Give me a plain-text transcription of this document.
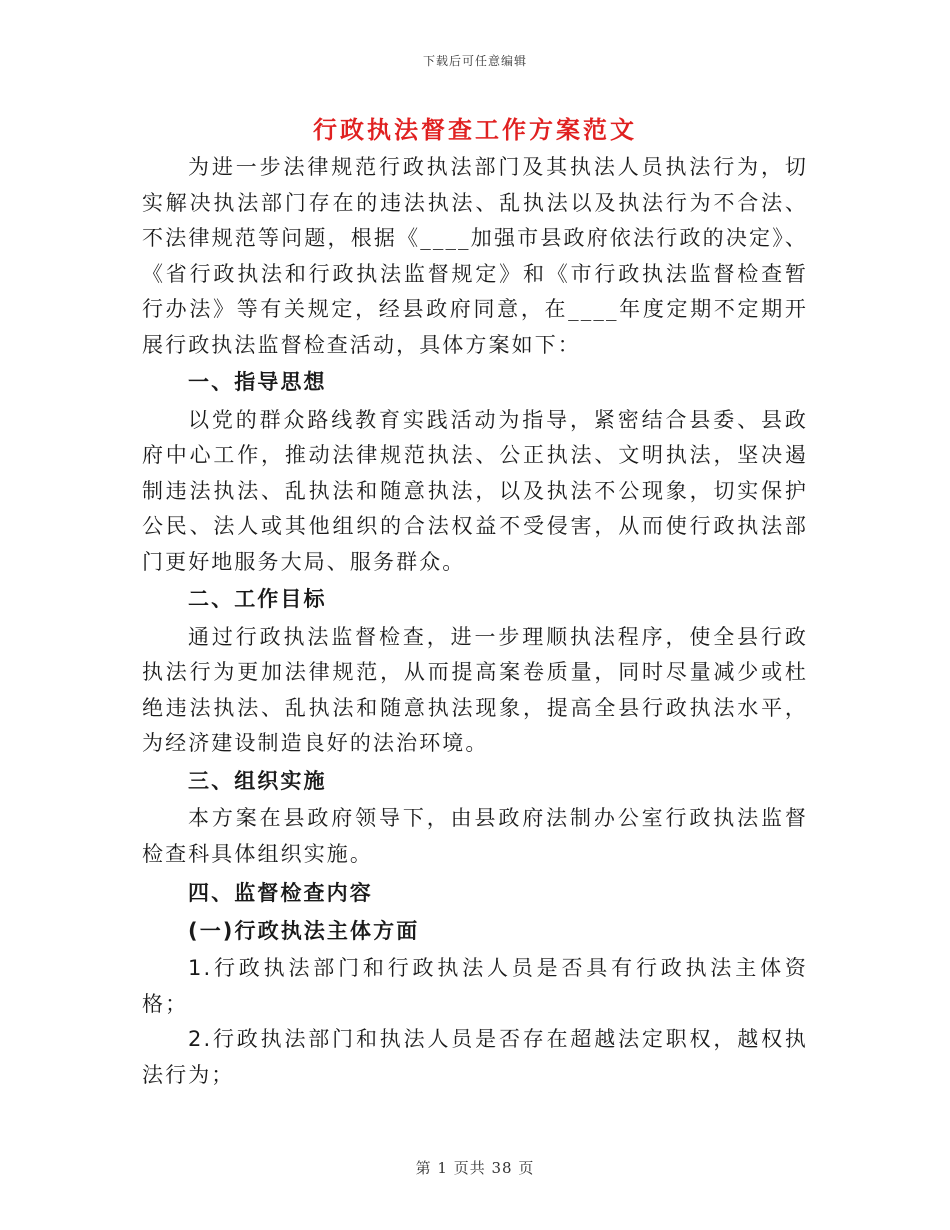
下载后可任意编辑
行政执法督查工作方案范文

为进一步法律规范行政执法部门及其执法人员执法行为，切实解决执法部门存在的违法执法、乱执法以及执法行为不合法、不法律规范等问题，根据《____加强市县政府依法行政的决定》、《省行政执法和行政执法监督规定》和《市行政执法监督检查暂行办法》等有关规定，经县政府同意，在____年度定期不定期开展行政执法监督检查活动，具体方案如下：

一、指导思想

以党的群众路线教育实践活动为指导，紧密结合县委、县政府中心工作，推动法律规范执法、公正执法、文明执法，坚决遏制违法执法、乱执法和随意执法，以及执法不公现象，切实保护公民、法人或其他组织的合法权益不受侵害，从而使行政执法部门更好地服务大局、服务群众。

二、工作目标

通过行政执法监督检查，进一步理顺执法程序，使全县行政执法行为更加法律规范，从而提高案卷质量，同时尽量减少或杜绝违法执法、乱执法和随意执法现象，提高全县行政执法水平，为经济建设制造良好的法治环境。

三、组织实施

本方案在县政府领导下，由县政府法制办公室行政执法监督检查科具体组织实施。

四、监督检查内容

(一)行政执法主体方面

1.行政执法部门和行政执法人员是否具有行政执法主体资格；

2.行政执法部门和执法人员是否存在超越法定职权，越权执法行为；

第 1 页共 38 页
